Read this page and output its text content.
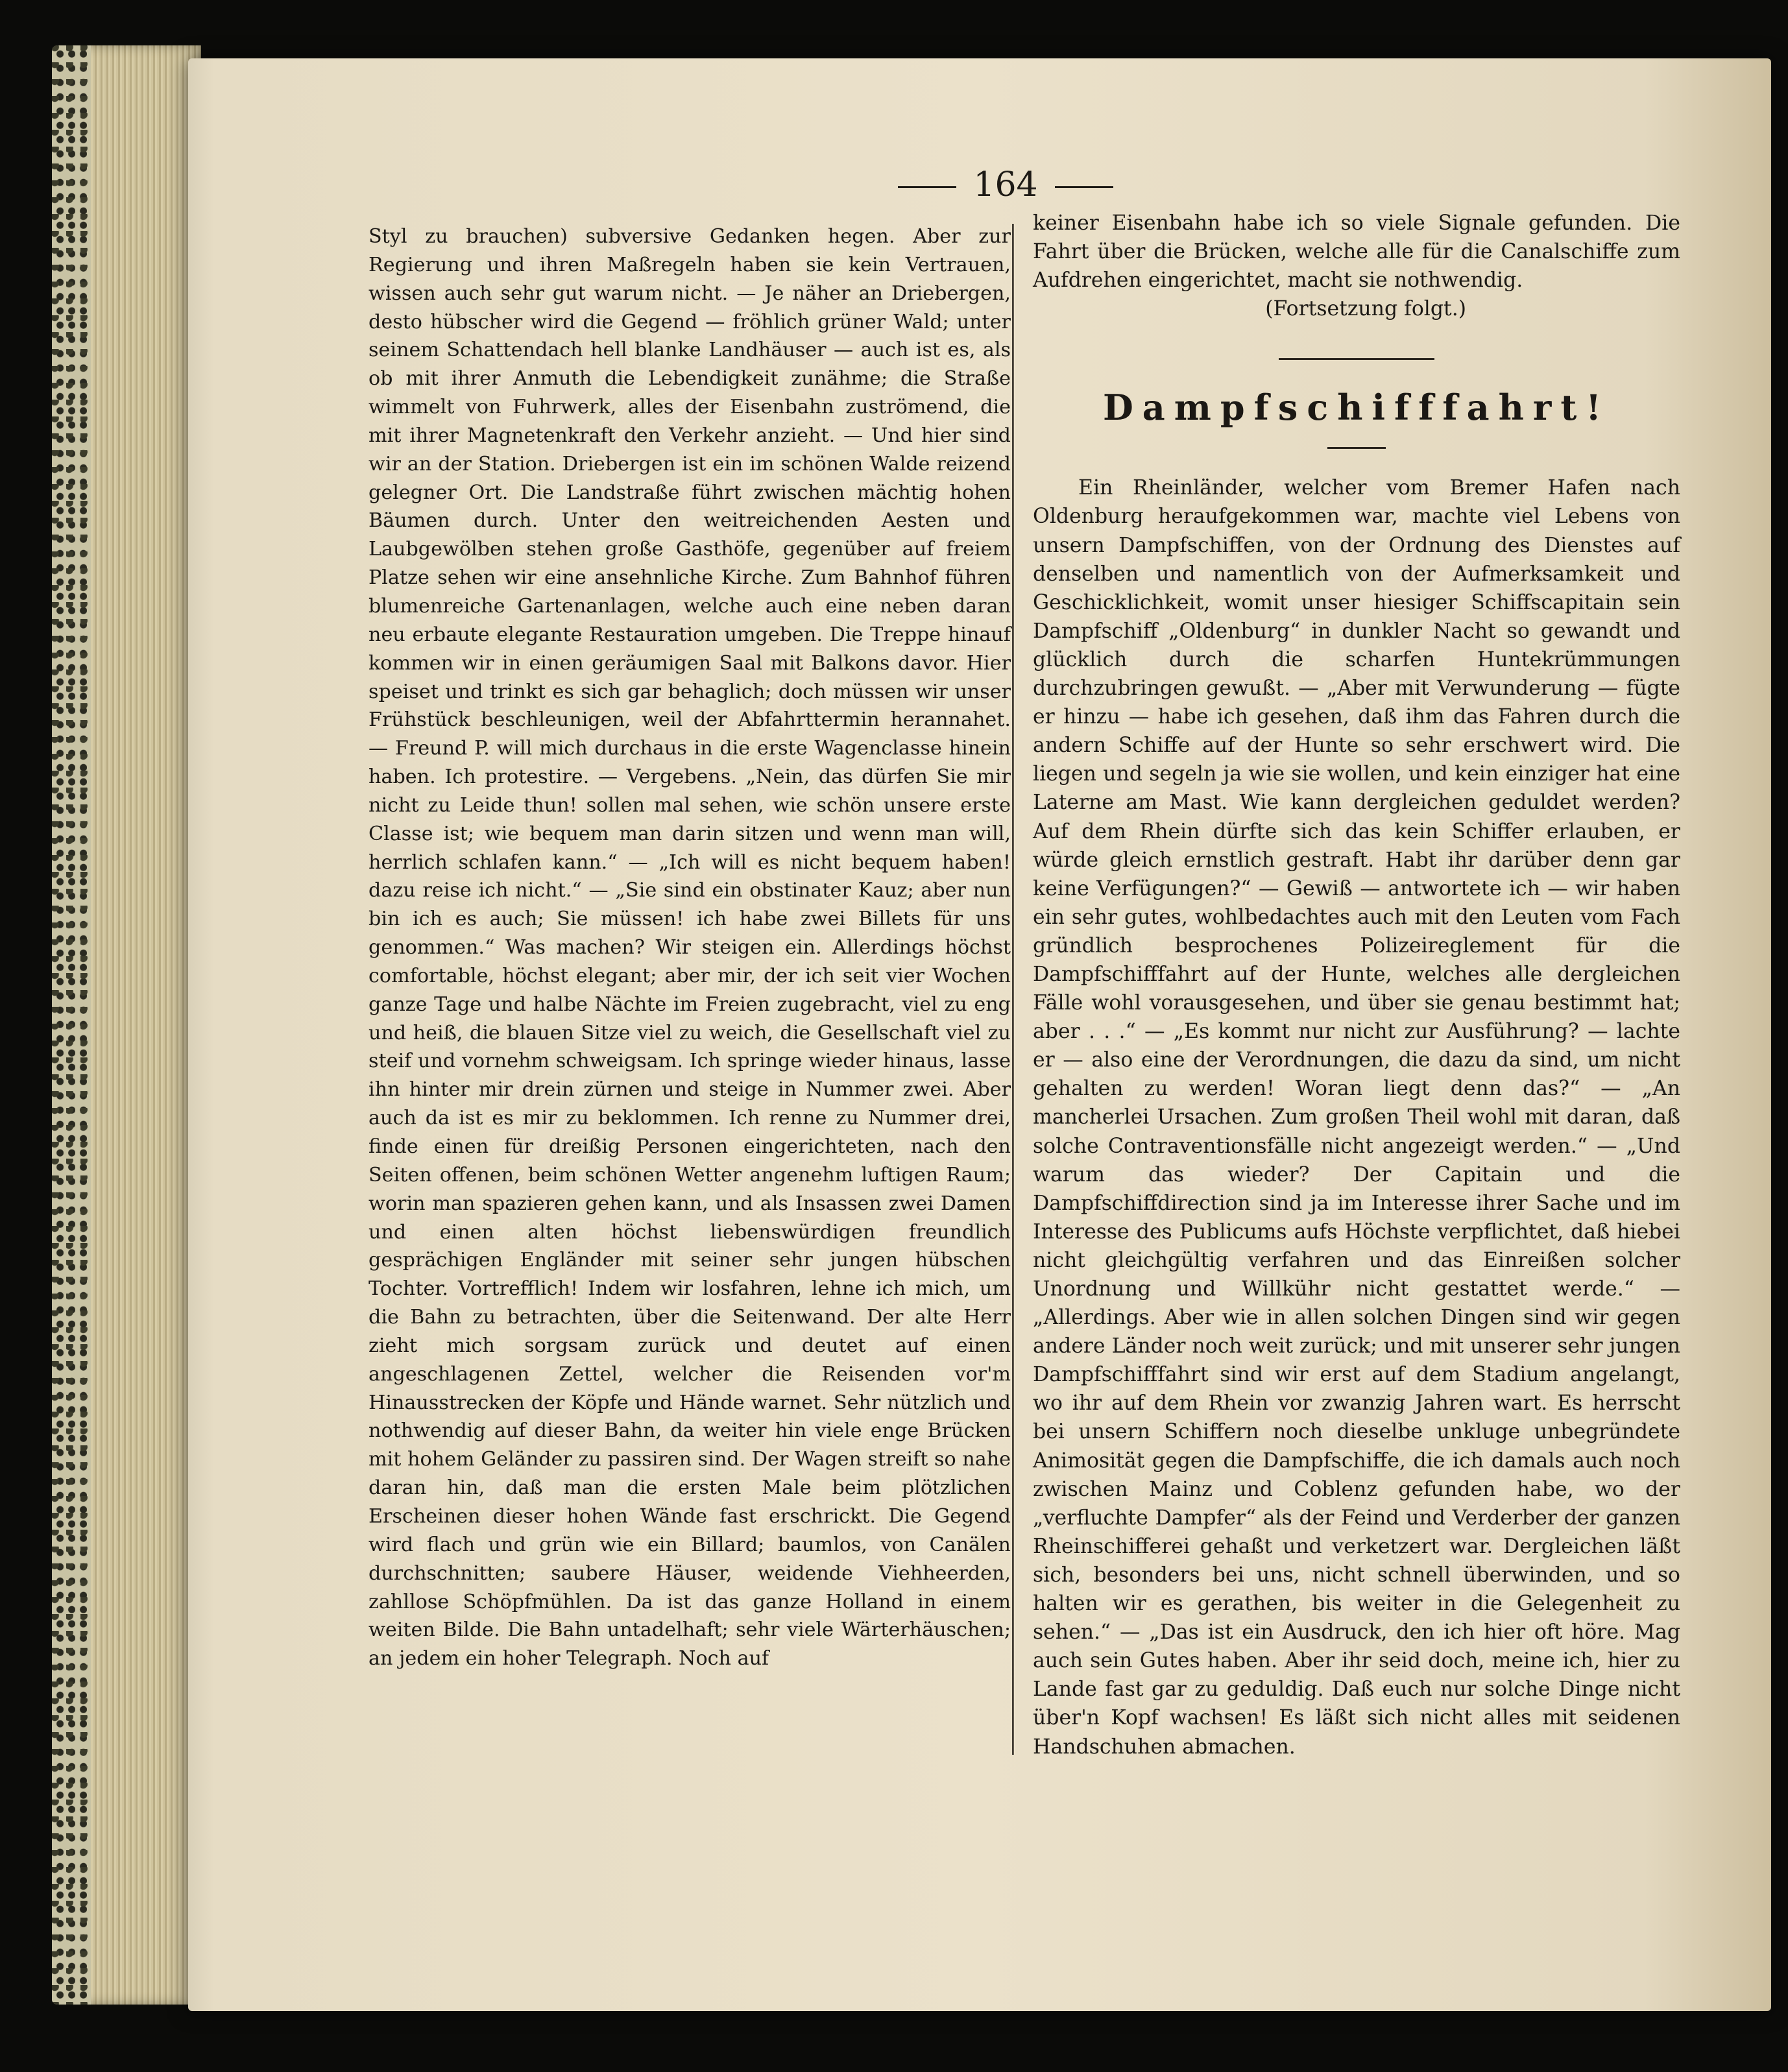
164

Styl zu brauchen) subversive Gedanken hegen. Aber zur Regierung und ihren Maßregeln haben sie kein Vertrauen, wissen auch sehr gut warum nicht. — Je näher an Driebergen, desto hübscher wird die Gegend — fröhlich grüner Wald; unter seinem Schattendach hell blanke Landhäuser — auch ist es, als ob mit ihrer Anmuth die Lebendigkeit zunähme; die Straße wimmelt von Fuhrwerk, alles der Eisenbahn zuströmend, die mit ihrer Magnetenkraft den Verkehr anzieht. — Und hier sind wir an der Station. Driebergen ist ein im schönen Walde reizend gelegner Ort. Die Landstraße führt zwischen mächtig hohen Bäumen durch. Unter den weitreichenden Aesten und Laubgewölben stehen große Gasthöfe, gegenüber auf freiem Platze sehen wir eine ansehnliche Kirche. Zum Bahnhof führen blumenreiche Gartenanlagen, welche auch eine neben daran neu erbaute elegante Restauration umgeben. Die Treppe hinauf kommen wir in einen geräumigen Saal mit Balkons davor. Hier speiset und trinkt es sich gar behaglich; doch müssen wir unser Frühstück beschleunigen, weil der Abfahrttermin herannahet. — Freund P. will mich durchaus in die erste Wagenclasse hinein haben. Ich protestire. — Vergebens. „Nein, das dürfen Sie mir nicht zu Leide thun! sollen mal sehen, wie schön unsere erste Classe ist; wie bequem man darin sitzen und wenn man will, herrlich schlafen kann.“ — „Ich will es nicht bequem haben! dazu reise ich nicht.“ — „Sie sind ein obstinater Kauz; aber nun bin ich es auch; Sie müssen! ich habe zwei Billets für uns genommen.“ Was machen? Wir steigen ein. Allerdings höchst comfortable, höchst elegant; aber mir, der ich seit vier Wochen ganze Tage und halbe Nächte im Freien zugebracht, viel zu eng und heiß, die blauen Sitze viel zu weich, die Gesellschaft viel zu steif und vornehm schweigsam. Ich springe wieder hinaus, lasse ihn hinter mir drein zürnen und steige in Nummer zwei. Aber auch da ist es mir zu beklommen. Ich renne zu Nummer drei, finde einen für dreißig Personen eingerichteten, nach den Seiten offenen, beim schönen Wetter angenehm luftigen Raum; worin man spazieren gehen kann, und als Insassen zwei Damen und einen alten höchst liebenswürdigen freundlich gesprächigen Engländer mit seiner sehr jungen hübschen Tochter. Vortrefflich! Indem wir losfahren, lehne ich mich, um die Bahn zu betrachten, über die Seitenwand. Der alte Herr zieht mich sorgsam zurück und deutet auf einen angeschlagenen Zettel, welcher die Reisenden vor'm Hinausstrecken der Köpfe und Hände warnet. Sehr nützlich und nothwendig auf dieser Bahn, da weiter hin viele enge Brücken mit hohem Geländer zu passiren sind. Der Wagen streift so nahe daran hin, daß man die ersten Male beim plötzlichen Erscheinen dieser hohen Wände fast erschrickt. Die Gegend wird flach und grün wie ein Billard; baumlos, von Canälen durchschnitten; saubere Häuser, weidende Viehheerden, zahllose Schöpfmühlen. Da ist das ganze Holland in einem weiten Bilde. Die Bahn untadelhaft; sehr viele Wärterhäuschen; an jedem ein hoher Telegraph. Noch auf

keiner Eisenbahn habe ich so viele Signale gefunden. Die Fahrt über die Brücken, welche alle für die Canalschiffe zum Aufdrehen eingerichtet, macht sie nothwendig.

(Fortsetzung folgt.)

Dampfschifffahrt!

Ein Rheinländer, welcher vom Bremer Hafen nach Oldenburg heraufgekommen war, machte viel Lebens von unsern Dampfschiffen, von der Ordnung des Dienstes auf denselben und namentlich von der Aufmerksamkeit und Geschicklichkeit, womit unser hiesiger Schiffscapitain sein Dampfschiff „Oldenburg“ in dunkler Nacht so gewandt und glücklich durch die scharfen Huntekrümmungen durchzubringen gewußt. — „Aber mit Verwunderung — fügte er hinzu — habe ich gesehen, daß ihm das Fahren durch die andern Schiffe auf der Hunte so sehr erschwert wird. Die liegen und segeln ja wie sie wollen, und kein einziger hat eine Laterne am Mast. Wie kann dergleichen geduldet werden? Auf dem Rhein dürfte sich das kein Schiffer erlauben, er würde gleich ernstlich gestraft. Habt ihr darüber denn gar keine Verfügungen?“ — Gewiß — antwortete ich — wir haben ein sehr gutes, wohlbedachtes auch mit den Leuten vom Fach gründlich besprochenes Polizeireglement für die Dampfschifffahrt auf der Hunte, welches alle dergleichen Fälle wohl vorausgesehen, und über sie genau bestimmt hat; aber . . .“ — „Es kommt nur nicht zur Ausführung? — lachte er — also eine der Verordnungen, die dazu da sind, um nicht gehalten zu werden! Woran liegt denn das?“ — „An mancherlei Ursachen. Zum großen Theil wohl mit daran, daß solche Contraventionsfälle nicht angezeigt werden.“ — „Und warum das wieder? Der Capitain und die Dampfschiffdirection sind ja im Interesse ihrer Sache und im Interesse des Publicums aufs Höchste verpflichtet, daß hiebei nicht gleichgültig verfahren und das Einreißen solcher Unordnung und Willkühr nicht gestattet werde.“ — „Allerdings. Aber wie in allen solchen Dingen sind wir gegen andere Länder noch weit zurück; und mit unserer sehr jungen Dampfschifffahrt sind wir erst auf dem Stadium angelangt, wo ihr auf dem Rhein vor zwanzig Jahren wart. Es herrscht bei unsern Schiffern noch dieselbe unkluge unbegründete Animosität gegen die Dampfschiffe, die ich damals auch noch zwischen Mainz und Coblenz gefunden habe, wo der „verfluchte Dampfer“ als der Feind und Verderber der ganzen Rheinschifferei gehaßt und verketzert war. Dergleichen läßt sich, besonders bei uns, nicht schnell überwinden, und so halten wir es gerathen, bis weiter in die Gelegenheit zu sehen.“ — „Das ist ein Ausdruck, den ich hier oft höre. Mag auch sein Gutes haben. Aber ihr seid doch, meine ich, hier zu Lande fast gar zu geduldig. Daß euch nur solche Dinge nicht über'n Kopf wachsen! Es läßt sich nicht alles mit seidenen Handschuhen abmachen.
